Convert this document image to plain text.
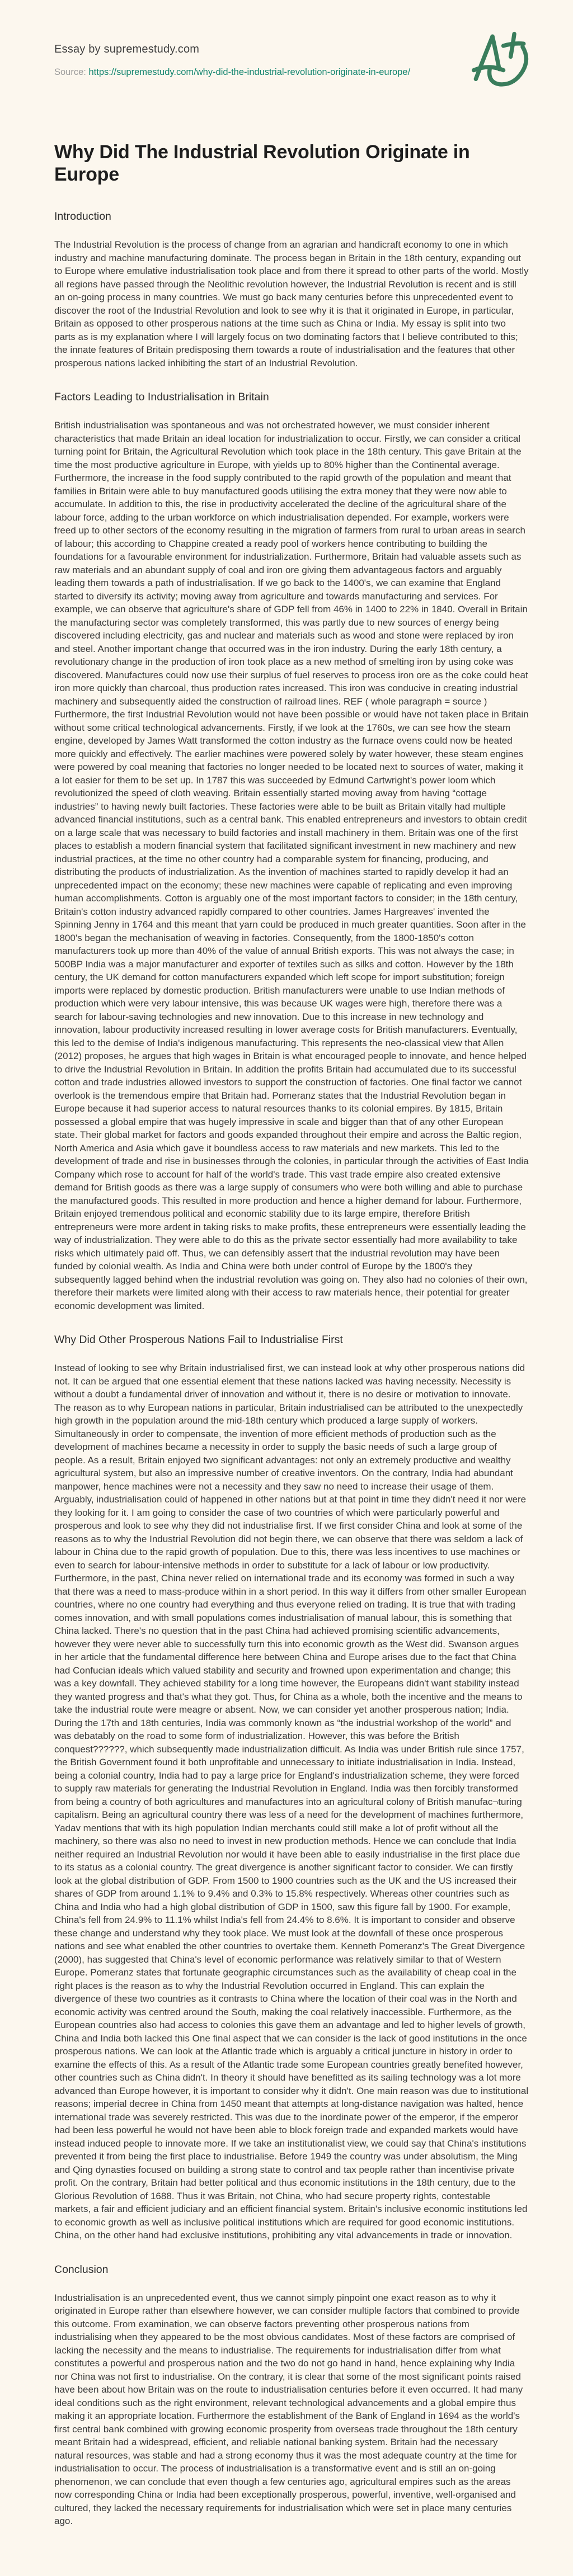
Essay by supremestudy.com
Source: https://supremestudy.com/why-did-the-industrial-revolution-originate-in-europe/
Why Did The Industrial Revolution Originate in Europe
Introduction

The Industrial Revolution is the process of change from an agrarian and handicraft economy to one in which industry and machine manufacturing dominate. The process began in Britain in the 18th century, expanding out to Europe where emulative industrialisation took place and from there it spread to other parts of the world. Mostly all regions have passed through the Neolithic revolution however, the Industrial Revolution is recent and is still an on-going process in many countries. We must go back many centuries before this unprecedented event to discover the root of the Industrial Revolution and look to see why it is that it originated in Europe, in particular, Britain as opposed to other prosperous nations at the time such as China or India. My essay is split into two parts as is my explanation where I will largely focus on two dominating factors that I believe contributed to this; the innate features of Britain predisposing them towards a route of industrialisation and the features that other prosperous nations lacked inhibiting the start of an Industrial Revolution.

Factors Leading to Industrialisation in Britain

British industrialisation was spontaneous and was not orchestrated however, we must consider inherent characteristics that made Britain an ideal location for industrialization to occur. Firstly, we can consider a critical turning point for Britain, the Agricultural Revolution which took place in the 18th century. This gave Britain at the time the most productive agriculture in Europe, with yields up to 80% higher than the Continental average. Furthermore, the increase in the food supply contributed to the rapid growth of the population and meant that families in Britain were able to buy manufactured goods utilising the extra money that they were now able to accumulate. In addition to this, the rise in productivity accelerated the decline of the agricultural share of the labour force, adding to the urban workforce on which industrialisation depended. For example, workers were freed up to other sectors of the economy resulting in the migration of farmers from rural to urban areas in search of labour; this according to Chappine created a ready pool of workers hence contributing to building the foundations for a favourable environment for industrialization. Furthermore, Britain had valuable assets such as raw materials and an abundant supply of coal and iron ore giving them advantageous factors and arguably leading them towards a path of industrialisation. If we go back to the 1400's, we can examine that England started to diversify its activity; moving away from agriculture and towards manufacturing and services. For example, we can observe that agriculture's share of GDP fell from 46% in 1400 to 22% in 1840. Overall in Britain the manufacturing sector was completely transformed, this was partly due to new sources of energy being discovered including electricity, gas and nuclear and materials such as wood and stone were replaced by iron and steel. Another important change that occurred was in the iron industry. During the early 18th century, a revolutionary change in the production of iron took place as a new method of smelting iron by using coke was discovered. Manufactures could now use their surplus of fuel reserves to process iron ore as the coke could heat iron more quickly than charcoal, thus production rates increased. This iron was conducive in creating industrial machinery and subsequently aided the construction of railroad lines. REF ( whole paragraph = source ) Furthermore, the first Industrial Revolution would not have been possible or would have not taken place in Britain without some critical technological advancements. Firstly, if we look at the 1760s, we can see how the steam engine, developed by James Watt transformed the cotton industry as the furnace ovens could now be heated more quickly and effectively. The earlier machines were powered solely by water however, these steam engines were powered by coal meaning that factories no longer needed to be located next to sources of water, making it a lot easier for them to be set up. In 1787 this was succeeded by Edmund Cartwright's power loom which revolutionized the speed of cloth weaving. Britain essentially started moving away from having “cottage industries” to having newly built factories. These factories were able to be built as Britain vitally had multiple advanced financial institutions, such as a central bank. This enabled entrepreneurs and investors to obtain credit on a large scale that was necessary to build factories and install machinery in them. Britain was one of the first places to establish a modern financial system that facilitated significant investment in new machinery and new industrial practices, at the time no other country had a comparable system for financing, producing, and distributing the products of industrialization. As the invention of machines started to rapidly develop it had an unprecedented impact on the economy; these new machines were capable of replicating and even improving human accomplishments. Cotton is arguably one of the most important factors to consider; in the 18th century, Britain's cotton industry advanced rapidly compared to other countries. James Hargreaves' invented the Spinning Jenny in 1764 and this meant that yarn could be produced in much greater quantities. Soon after in the 1800's began the mechanisation of weaving in factories. Consequently, from the 1800-1850's cotton manufacturers took up more than 40% of the value of annual British exports. This was not always the case; in 500BP India was a major manufacturer and exporter of textiles such as silks and cotton. However by the 18th century, the UK demand for cotton manufacturers expanded which left scope for import substitution; foreign imports were replaced by domestic production. British manufacturers were unable to use Indian methods of production which were very labour intensive, this was because UK wages were high, therefore there was a search for labour-saving technologies and new innovation. Due to this increase in new technology and innovation, labour productivity increased resulting in lower average costs for British manufacturers. Eventually, this led to the demise of India's indigenous manufacturing. This represents the neo-classical view that Allen (2012) proposes, he argues that high wages in Britain is what encouraged people to innovate, and hence helped to drive the Industrial Revolution in Britain. In addition the profits Britain had accumulated due to its successful cotton and trade industries allowed investors to support the construction of factories. One final factor we cannot overlook is the tremendous empire that Britain had. Pomeranz states that the Industrial Revolution began in Europe because it had superior access to natural resources thanks to its colonial empires. By 1815, Britain possessed a global empire that was hugely impressive in scale and bigger than that of any other European state. Their global market for factors and goods expanded throughout their empire and across the Baltic region, North America and Asia which gave it boundless access to raw materials and new markets. This led to the development of trade and rise in businesses through the colonies, in particular through the activities of East India Company which rose to account for half of the world's trade. This vast trade empire also created extensive demand for British goods as there was a large supply of consumers who were both willing and able to purchase the manufactured goods. This resulted in more production and hence a higher demand for labour. Furthermore, Britain enjoyed tremendous political and economic stability due to its large empire, therefore British entrepreneurs were more ardent in taking risks to make profits, these entrepreneurs were essentially leading the way of industrialization. They were able to do this as the private sector essentially had more availability to take risks which ultimately paid off. Thus, we can defensibly assert that the industrial revolution may have been funded by colonial wealth. As India and China were both under control of Europe by the 1800's they subsequently lagged behind when the industrial revolution was going on. They also had no colonies of their own, therefore their markets were limited along with their access to raw materials hence, their potential for greater economic development was limited.

Why Did Other Prosperous Nations Fail to Industrialise First

Instead of looking to see why Britain industrialised first, we can instead look at why other prosperous nations did not. It can be argued that one essential element that these nations lacked was having necessity. Necessity is without a doubt a fundamental driver of innovation and without it, there is no desire or motivation to innovate. The reason as to why European nations in particular, Britain industrialised can be attributed to the unexpectedly high growth in the population around the mid-18th century which produced a large supply of workers. Simultaneously in order to compensate, the invention of more efficient methods of production such as the development of machines became a necessity in order to supply the basic needs of such a large group of people. As a result, Britain enjoyed two significant advantages: not only an extremely productive and wealthy agricultural system, but also an impressive number of creative inventors. On the contrary, India had abundant manpower, hence machines were not a necessity and they saw no need to increase their usage of them. Arguably, industrialisation could of happened in other nations but at that point in time they didn't need it nor were they looking for it. I am going to consider the case of two countries of which were particularly powerful and prosperous and look to see why they did not industrialise first. If we first consider China and look at some of the reasons as to why the Industrial Revolution did not begin there, we can observe that there was seldom a lack of labour in China due to the rapid growth of population. Due to this, there was less incentives to use machines or even to search for labour-intensive methods in order to substitute for a lack of labour or low productivity. Furthermore, in the past, China never relied on international trade and its economy was formed in such a way that there was a need to mass-produce within in a short period. In this way it differs from other smaller European countries, where no one country had everything and thus everyone relied on trading. It is true that with trading comes innovation, and with small populations comes industrialisation of manual labour, this is something that China lacked. There's no question that in the past China had achieved promising scientific advancements, however they were never able to successfully turn this into economic growth as the West did. Swanson argues in her article that the fundamental difference here between China and Europe arises due to the fact that China had Confucian ideals which valued stability and security and frowned upon experimentation and change; this was a key downfall. They achieved stability for a long time however, the Europeans didn't want stability instead they wanted progress and that's what they got. Thus, for China as a whole, both the incentive and the means to take the industrial route were meagre or absent. Now, we can consider yet another prosperous nation; India. During the 17th and 18th centuries, India was commonly known as “the industrial workshop of the world” and was debatably on the road to some form of industrialization. However, this was before the British conquest??????, which subsequently made industrialization difficult. As India was under British rule since 1757, the British Government found it both unprofitable and unnecessary to initiate industrialisation in India. Instead, being a colonial country, India had to pay a large price for England's industrialization scheme, they were forced to supply raw materials for generating the Industrial Revolution in England. India was then forcibly transformed from being a country of both agricultures and manufactures into an agricultural colony of British manufac¬turing capitalism. Being an agricultural country there was less of a need for the development of machines furthermore, Yadav mentions that with its high population Indian merchants could still make a lot of profit without all the machinery, so there was also no need to invest in new production methods. Hence we can conclude that India neither required an Industrial Revolution nor would it have been able to easily industrialise in the first place due to its status as a colonial country. The great divergence is another significant factor to consider. We can firstly look at the global distribution of GDP. From 1500 to 1900 countries such as the UK and the US increased their shares of GDP from around 1.1% to 9.4% and 0.3% to 15.8% respectively. Whereas other countries such as China and India who had a high global distribution of GDP in 1500, saw this figure fall by 1900. For example, China's fell from 24.9% to 11.1% whilst India's fell from 24.4% to 8.6%. It is important to consider and observe these change and understand why they took place. We must look at the downfall of these once prosperous nations and see what enabled the other countries to overtake them. Kenneth Pomeranz's The Great Divergence (2000), has suggested that China's level of economic performance was relatively similar to that of Western Europe. Pomeranz states that fortunate geographic circumstances such as the availability of cheap coal in the right places is the reason as to why the Industrial Revolution occurred in England. This can explain the divergence of these two countries as it contrasts to China where the location of their coal was in the North and economic activity was centred around the South, making the coal relatively inaccessible. Furthermore, as the European countries also had access to colonies this gave them an advantage and led to higher levels of growth, China and India both lacked this One final aspect that we can consider is the lack of good institutions in the once prosperous nations. We can look at the Atlantic trade which is arguably a critical juncture in history in order to examine the effects of this. As a result of the Atlantic trade some European countries greatly benefited however, other countries such as China didn't. In theory it should have benefitted as its sailing technology was a lot more advanced than Europe however, it is important to consider why it didn't. One main reason was due to institutional reasons; imperial decree in China from 1450 meant that attempts at long-distance navigation was halted, hence international trade was severely restricted. This was due to the inordinate power of the emperor, if the emperor had been less powerful he would not have been able to block foreign trade and expanded markets would have instead induced people to innovate more. If we take an institutionalist view, we could say that China's institutions prevented it from being the first place to industrialise. Before 1949 the country was under absolutism, the Ming and Qing dynasties focused on building a strong state to control and tax people rather than incentivise private profit. On the contrary, Britain had better political and thus economic institutions in the 18th century, due to the Glorious Revolution of 1688. Thus it was Britain, not China, who had secure property rights, contestable markets, a fair and efficient judiciary and an efficient financial system. Britain's inclusive economic institutions led to economic growth as well as inclusive political institutions which are required for good economic institutions. China, on the other hand had exclusive institutions, prohibiting any vital advancements in trade or innovation.

Conclusion

Industrialisation is an unprecedented event, thus we cannot simply pinpoint one exact reason as to why it originated in Europe rather than elsewhere however, we can consider multiple factors that combined to provide this outcome. From examination, we can observe factors preventing other prosperous nations from industrialising when they appeared to be the most obvious candidates. Most of these factors are comprised of lacking the necessity and the means to industrialise. The requirements for industrialisation differ from what constitutes a powerful and prosperous nation and the two do not go hand in hand, hence explaining why India nor China was not first to industrialise. On the contrary, it is clear that some of the most significant points raised have been about how Britain was on the route to industrialisation centuries before it even occurred. It had many ideal conditions such as the right environment, relevant technological advancements and a global empire thus making it an appropriate location. Furthermore the establishment of the Bank of England in 1694 as the world's first central bank combined with growing economic prosperity from overseas trade throughout the 18th century meant Britain had a widespread, efficient, and reliable national banking system. Britain had the necessary natural resources, was stable and had a strong economy thus it was the most adequate country at the time for industrialisation to occur. The process of industrialisation is a transformative event and is still an on-going phenomenon, we can conclude that even though a few centuries ago, agricultural empires such as the areas now corresponding China or India had been exceptionally prosperous, powerful, inventive, well-organised and cultured, they lacked the necessary requirements for industrialisation which were set in place many centuries ago.
